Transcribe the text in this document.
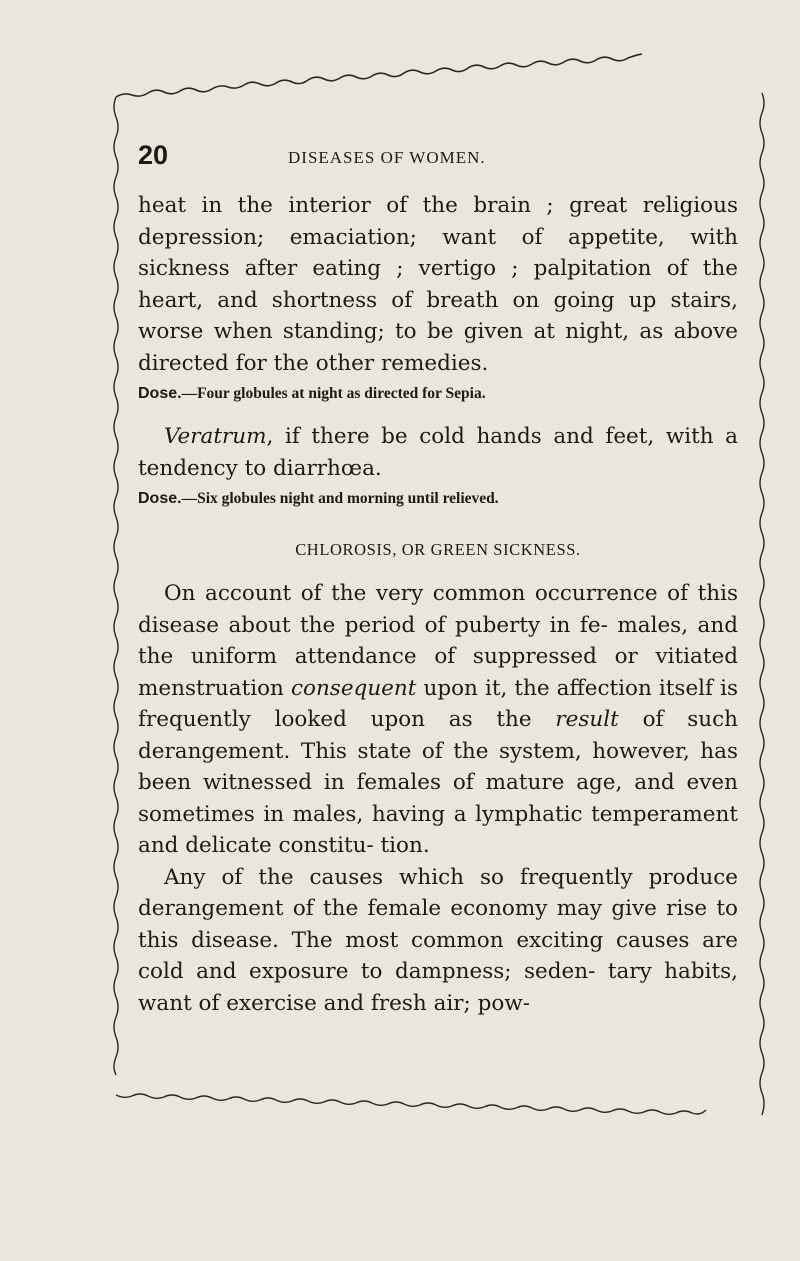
20	DISEASES OF WOMEN.

heat in the interior of the brain ; great religious depression; emaciation; want of appetite, with sickness after eating ; vertigo ; palpitation of the heart, and shortness of breath on going up stairs, worse when standing; to be given at night, as above directed for the other remedies.

Dose.—Four globules at night as directed for Sepia.

Veratrum, if there be cold hands and feet, with a tendency to diarrhœa.

Dose.—Six globules night and morning until relieved.
CHLOROSIS, OR GREEN SICKNESS.

On account of the very common occurrence of this disease about the period of puberty in fe- males, and the uniform attendance of suppressed or vitiated menstruation consequent upon it, the affection itself is frequently looked upon as the result of such derangement. This state of the system, however, has been witnessed in females of mature age, and even sometimes in males, having a lymphatic temperament and delicate constitu- tion.

Any of the causes which so frequently produce derangement of the female economy may give rise to this disease. The most common exciting causes are cold and exposure to dampness; seden- tary habits, want of exercise and fresh air; pow-
